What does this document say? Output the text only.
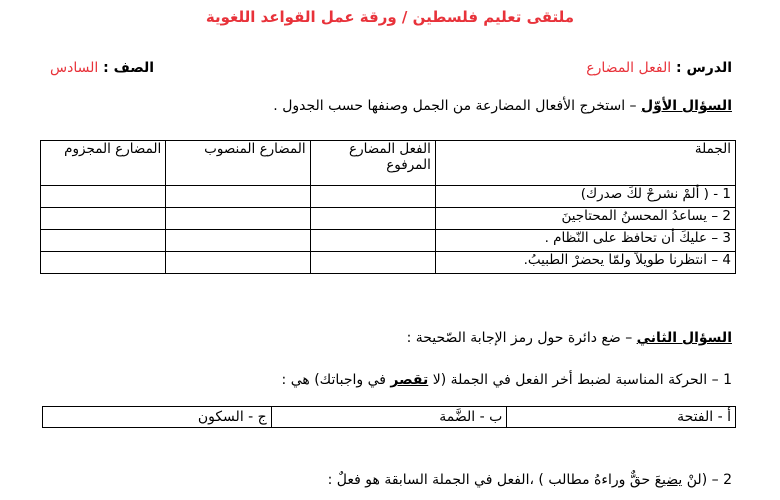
ملتقى تعليم فلسطين / ورقة عمل القواعد اللغوية
الدرس : الفعل المضارع
الصف : السادس
السؤال الأوّل – استخرج الأفعال المضارعة من الجمل وصنفها حسب الجدول .
الجملة	الفعل المضارع المرفوع	المضارع المنصوب	المضارع المجزوم
1 - ( ألمْ نشرحْ لكَ صدرك)			
2 – يساعدُ المحسنُ المحتاجينَ			
3 – عليكَ أن تحافظ على النّظام .			
4 – انتظرنا طويلاً ولمّا يحضرْ الطبيبُ.			
السؤال الثاني – ضع دائرة حول رمز الإجابة الصّحيحة :
1 – الحركة المناسبة لضبط أخر الفعل في الجملة (لا تقصر في واجباتك) هي :
أ - الفتحة	ب - الضَّمة	ج - السكون
2 – (لنْ يضيعَ حقٌّ وراءهُ مطالب ) ،الفعل في الجملة السابقة هو فعلٌ :
